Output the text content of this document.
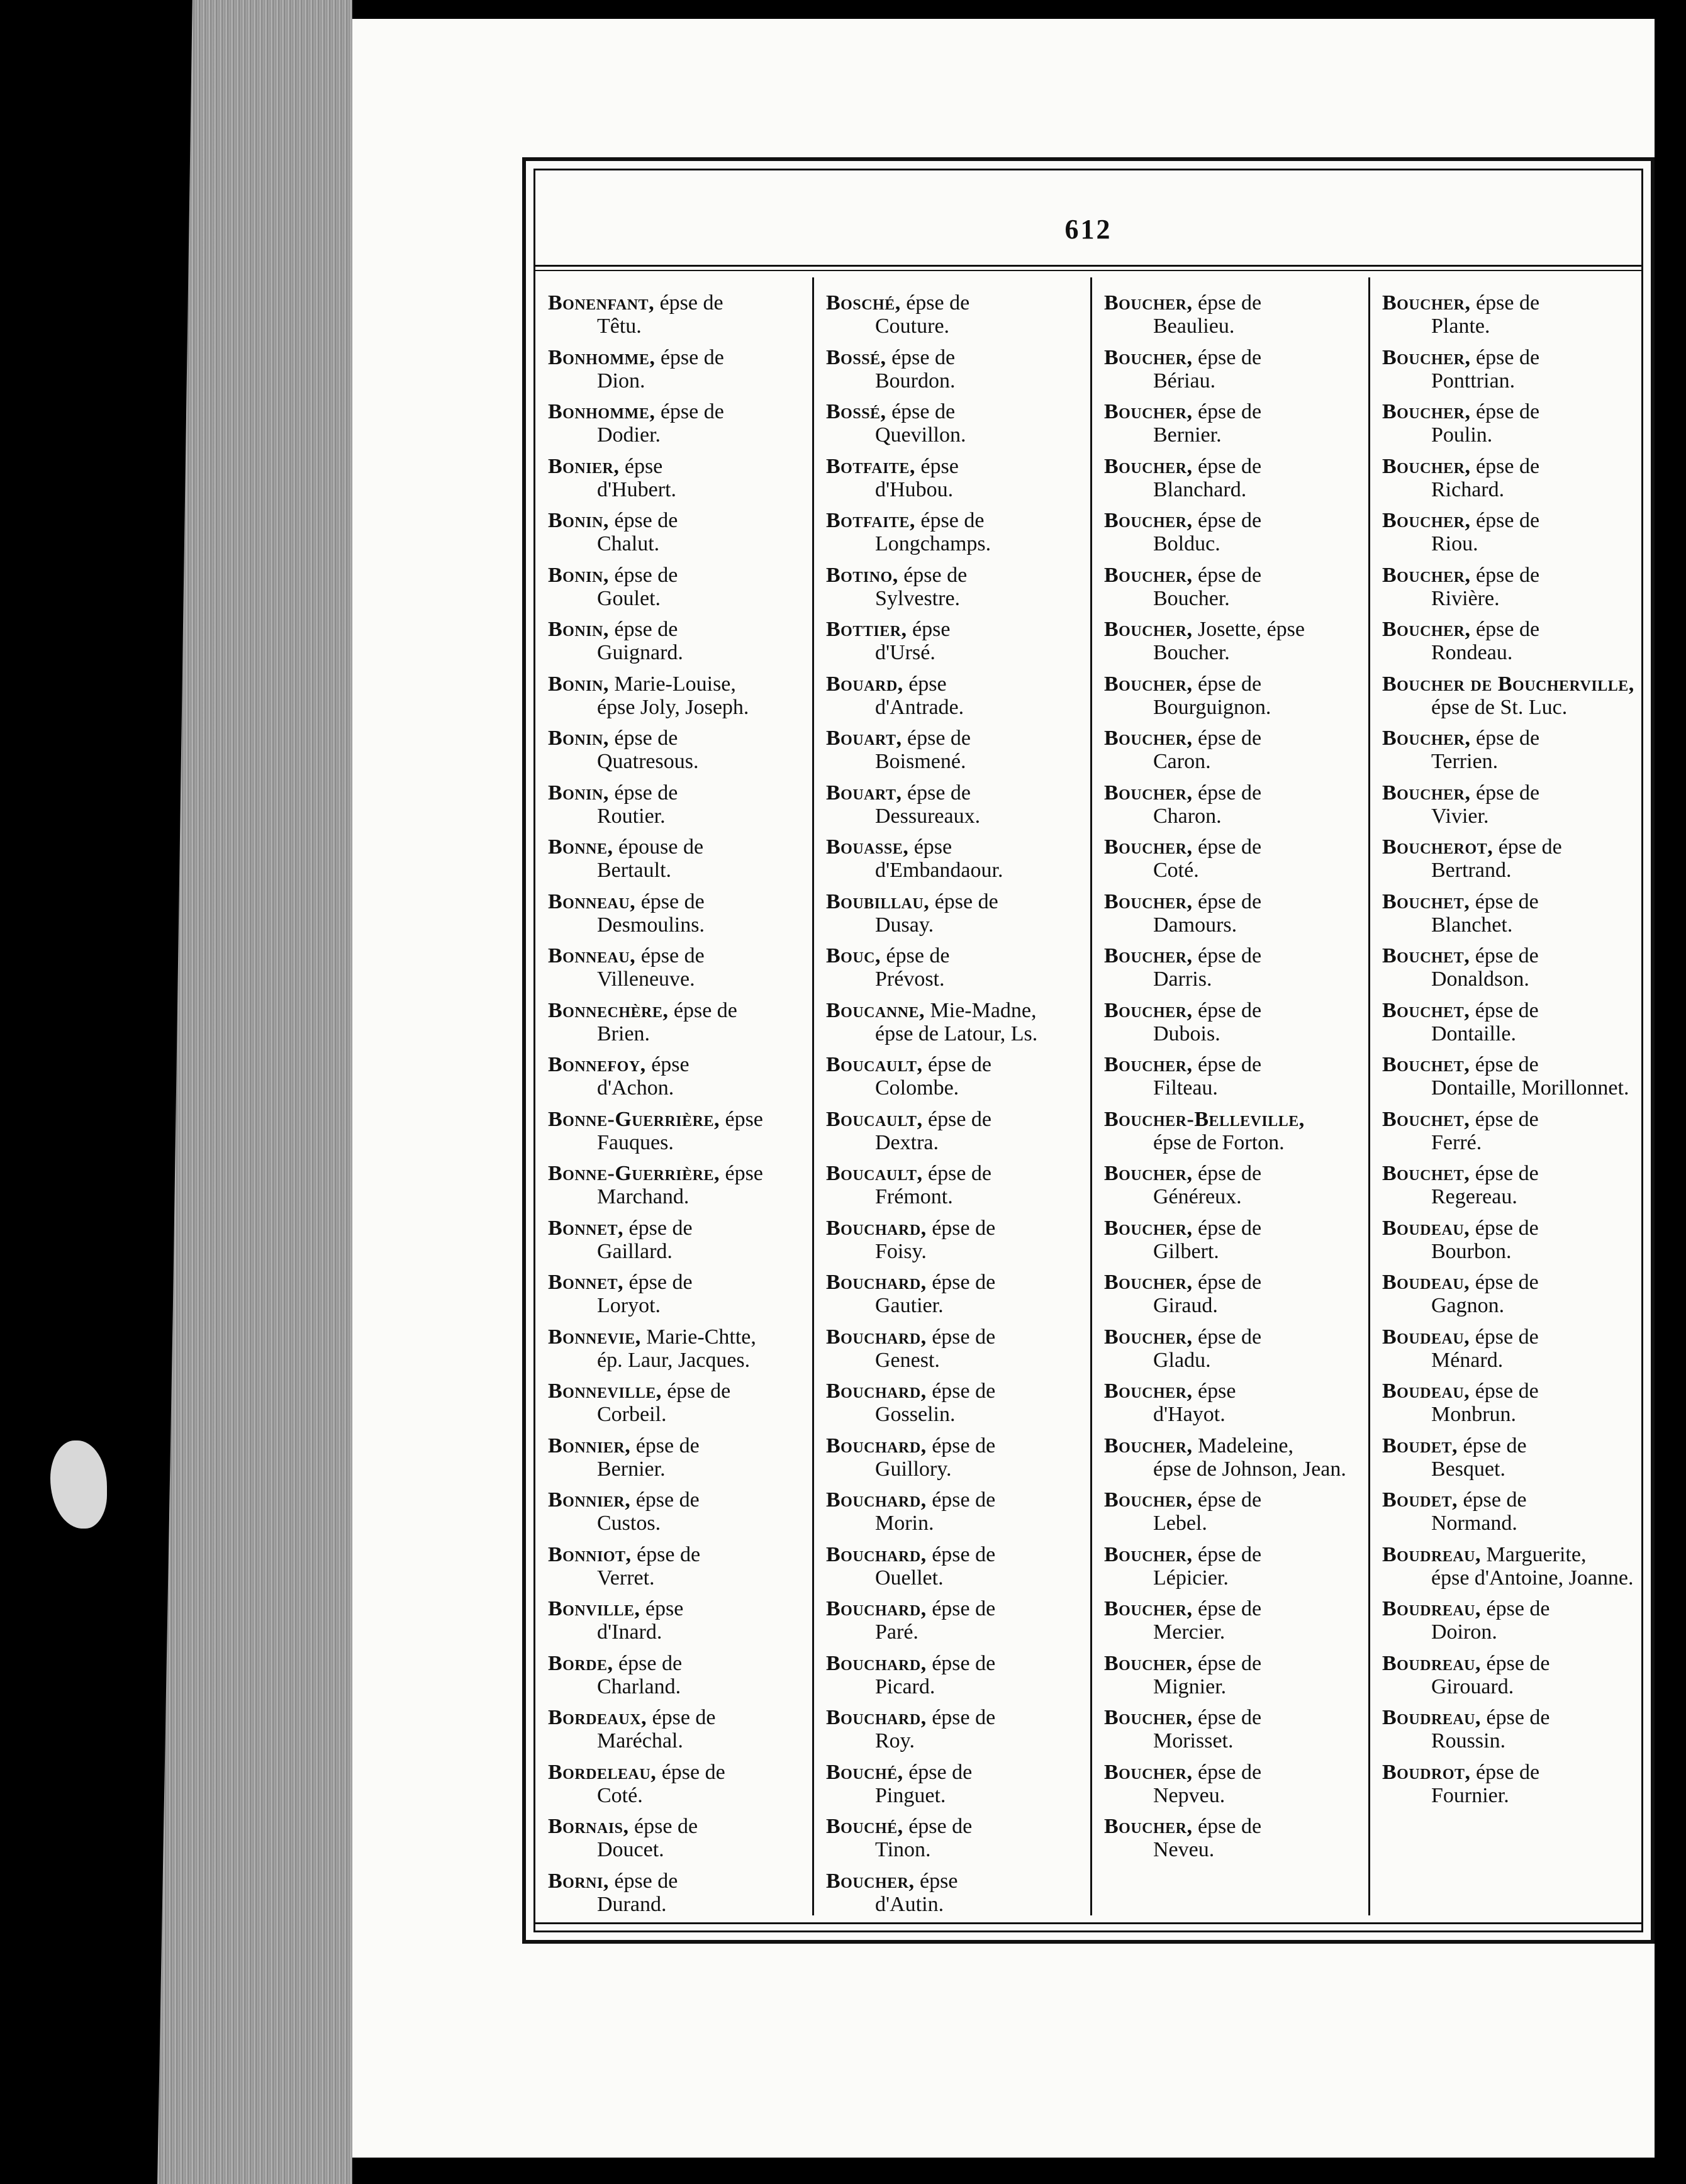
612
Bonenfant, épse de
Têtu.
Bonhomme, épse de
Dion.
Bonhomme, épse de
Dodier.
Bonier, épse
d'Hubert.
Bonin, épse de
Chalut.
Bonin, épse de
Goulet.
Bonin, épse de
Guignard.
Bonin, Marie-Louise,
épse Joly, Joseph.
Bonin, épse de
Quatresous.
Bonin, épse de
Routier.
Bonne, épouse de
Bertault.
Bonneau, épse de
Desmoulins.
Bonneau, épse de
Villeneuve.
Bonnechère, épse de
Brien.
Bonnefoy, épse
d'Achon.
Bonne-Guerrière, épse
Fauques.
Bonne-Guerrière, épse
Marchand.
Bonnet, épse de
Gaillard.
Bonnet, épse de
Loryot.
Bonnevie, Marie-Chtte,
ép. Laur, Jacques.
Bonneville, épse de
Corbeil.
Bonnier, épse de
Bernier.
Bonnier, épse de
Custos.
Bonniot, épse de
Verret.
Bonville, épse
d'Inard.
Borde, épse de
Charland.
Bordeaux, épse de
Maréchal.
Bordeleau, épse de
Coté.
Bornais, épse de
Doucet.
Borni, épse de
Durand.
Bosché, épse de
Couture.
Bossé, épse de
Bourdon.
Bossé, épse de
Quevillon.
Botfaite, épse
d'Hubou.
Botfaite, épse de
Longchamps.
Botino, épse de
Sylvestre.
Bottier, épse
d'Ursé.
Bouard, épse
d'Antrade.
Bouart, épse de
Boismené.
Bouart, épse de
Dessureaux.
Bouasse, épse
d'Embandaour.
Boubillau, épse de
Dusay.
Bouc, épse de
Prévost.
Boucanne, Mie-Madne,
épse de Latour, Ls.
Boucault, épse de
Colombe.
Boucault, épse de
Dextra.
Boucault, épse de
Frémont.
Bouchard, épse de
Foisy.
Bouchard, épse de
Gautier.
Bouchard, épse de
Genest.
Bouchard, épse de
Gosselin.
Bouchard, épse de
Guillory.
Bouchard, épse de
Morin.
Bouchard, épse de
Ouellet.
Bouchard, épse de
Paré.
Bouchard, épse de
Picard.
Bouchard, épse de
Roy.
Bouché, épse de
Pinguet.
Bouché, épse de
Tinon.
Boucher, épse
d'Autin.
Boucher, épse de
Beaulieu.
Boucher, épse de
Bériau.
Boucher, épse de
Bernier.
Boucher, épse de
Blanchard.
Boucher, épse de
Bolduc.
Boucher, épse de
Boucher.
Boucher, Josette, épse
Boucher.
Boucher, épse de
Bourguignon.
Boucher, épse de
Caron.
Boucher, épse de
Charon.
Boucher, épse de
Coté.
Boucher, épse de
Damours.
Boucher, épse de
Darris.
Boucher, épse de
Dubois.
Boucher, épse de
Filteau.
Boucher-Belleville,
épse de Forton.
Boucher, épse de
Généreux.
Boucher, épse de
Gilbert.
Boucher, épse de
Giraud.
Boucher, épse de
Gladu.
Boucher, épse
d'Hayot.
Boucher, Madeleine,
épse de Johnson, Jean.
Boucher, épse de
Lebel.
Boucher, épse de
Lépicier.
Boucher, épse de
Mercier.
Boucher, épse de
Mignier.
Boucher, épse de
Morisset.
Boucher, épse de
Nepveu.
Boucher, épse de
Neveu.
Boucher, épse de
Plante.
Boucher, épse de
Ponttrian.
Boucher, épse de
Poulin.
Boucher, épse de
Richard.
Boucher, épse de
Riou.
Boucher, épse de
Rivière.
Boucher, épse de
Rondeau.
Boucher de Boucherville,
épse de St. Luc.
Boucher, épse de
Terrien.
Boucher, épse de
Vivier.
Boucherot, épse de
Bertrand.
Bouchet, épse de
Blanchet.
Bouchet, épse de
Donaldson.
Bouchet, épse de
Dontaille.
Bouchet, épse de
Dontaille, Morillonnet.
Bouchet, épse de
Ferré.
Bouchet, épse de
Regereau.
Boudeau, épse de
Bourbon.
Boudeau, épse de
Gagnon.
Boudeau, épse de
Ménard.
Boudeau, épse de
Monbrun.
Boudet, épse de
Besquet.
Boudet, épse de
Normand.
Boudreau, Marguerite,
épse d'Antoine, Joanne.
Boudreau, épse de
Doiron.
Boudreau, épse de
Girouard.
Boudreau, épse de
Roussin.
Boudrot, épse de
Fournier.
